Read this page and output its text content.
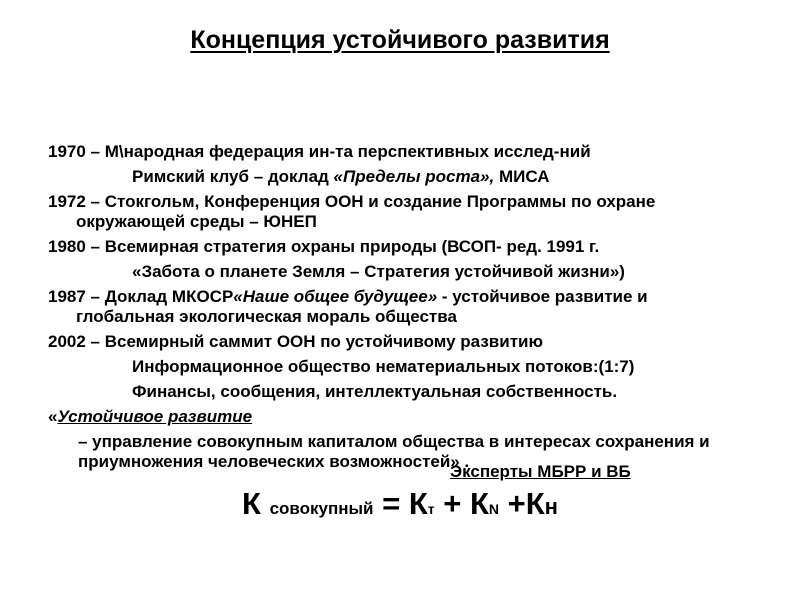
Концепция устойчивого развития

1970 – М\народная федерация ин-та перспективных исслед-ний

Римский клуб – доклад «Пределы роста», МИСА

1972 – Стокгольм, Конференция ООН и создание Программы по охране окружающей среды – ЮНЕП

1980 – Всемирная стратегия охраны природы (ВСОП- ред. 1991 г.

«Забота о планете Земля – Стратегия устойчивой жизни»)

1987 – Доклад МКОСР«Наше общее будущее» - устойчивое развитие и глобальная экологическая мораль общества

2002 – Всемирный саммит ООН по устойчивому развитию

Информационное общество нематериальных потоков:(1:7)

Финансы, сообщения, интеллектуальная собственность.

«Устойчивое развитие

– управление совокупным капиталом общества в интересах сохранения и приумножения человеческих возможностей» .

Эксперты МБРР и ВБ
К совокупный = Кт + КN +Кн
